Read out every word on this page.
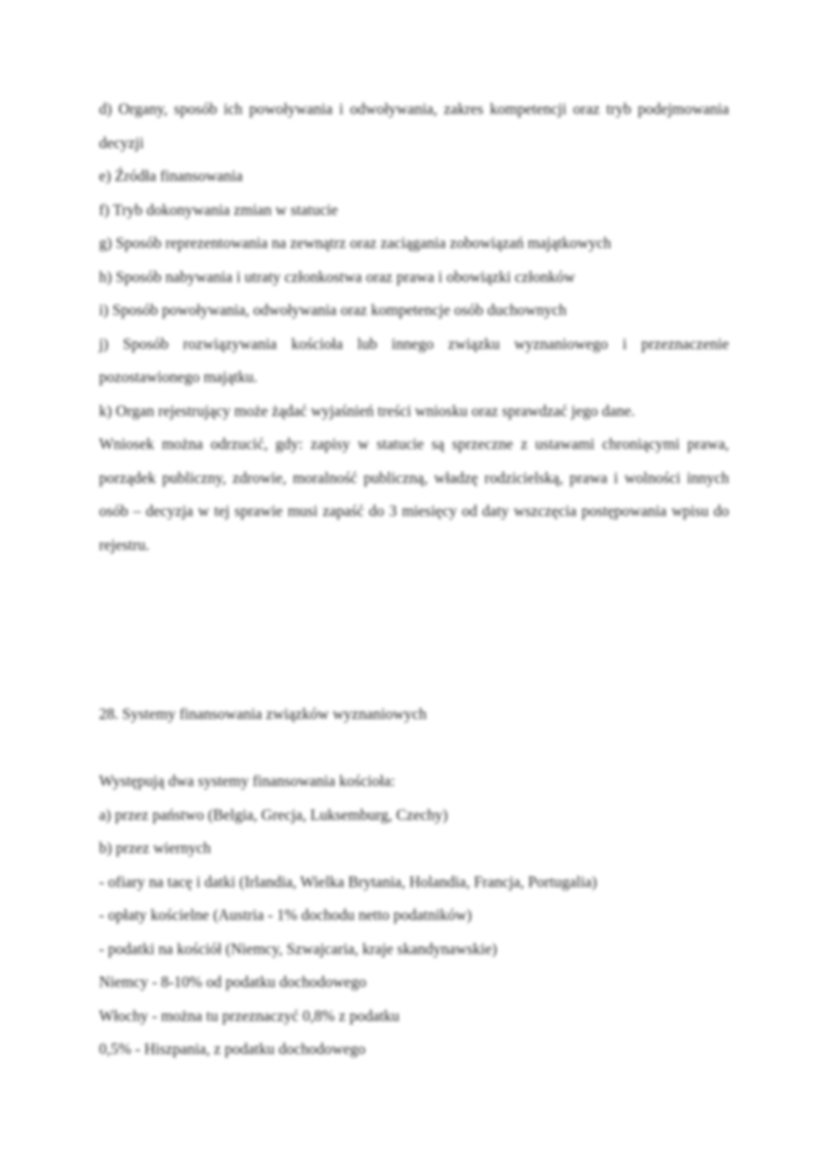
d) Organy, sposób ich powoływania i odwoływania, zakres kompetencji oraz tryb podejmowania decyzji

e) Źródła finansowania

f) Tryb dokonywania zmian w statucie

g) Sposób reprezentowania na zewnątrz oraz zaciągania zobowiązań majątkowych

h) Sposób nabywania i utraty członkostwa oraz prawa i obowiązki członków

i) Sposób powoływania, odwoływania oraz kompetencje osób duchownych

j) Sposób rozwiązywania kościoła lub innego związku wyznaniowego i przeznaczenie pozostawionego majątku.

k) Organ rejestrujący może żądać wyjaśnień treści wniosku oraz sprawdzać jego dane.

Wniosek można odrzucić, gdy: zapisy w statucie są sprzeczne z ustawami chroniącymi prawa, porządek publiczny, zdrowie, moralność publiczną, władzę rodzicielską, prawa i wolności innych osób – decyzja w tej sprawie musi zapaść do 3 miesięcy od daty wszczęcia postępowania wpisu do rejestru.

28. Systemy finansowania związków wyznaniowych

Występują dwa systemy finansowania kościoła:

a) przez państwo (Belgia, Grecja, Luksemburg, Czechy)

b) przez wiernych

- ofiary na tacę i datki (Irlandia, Wielka Brytania, Holandia, Francja, Portugalia)

- opłaty kościelne (Austria - 1% dochodu netto podatników)

- podatki na kościół (Niemcy, Szwajcaria, kraje skandynawskie)

Niemcy - 8-10% od podatku dochodowego

Włochy - można tu przeznaczyć 0,8% z podatku

0,5% - Hiszpania, z podatku dochodowego
